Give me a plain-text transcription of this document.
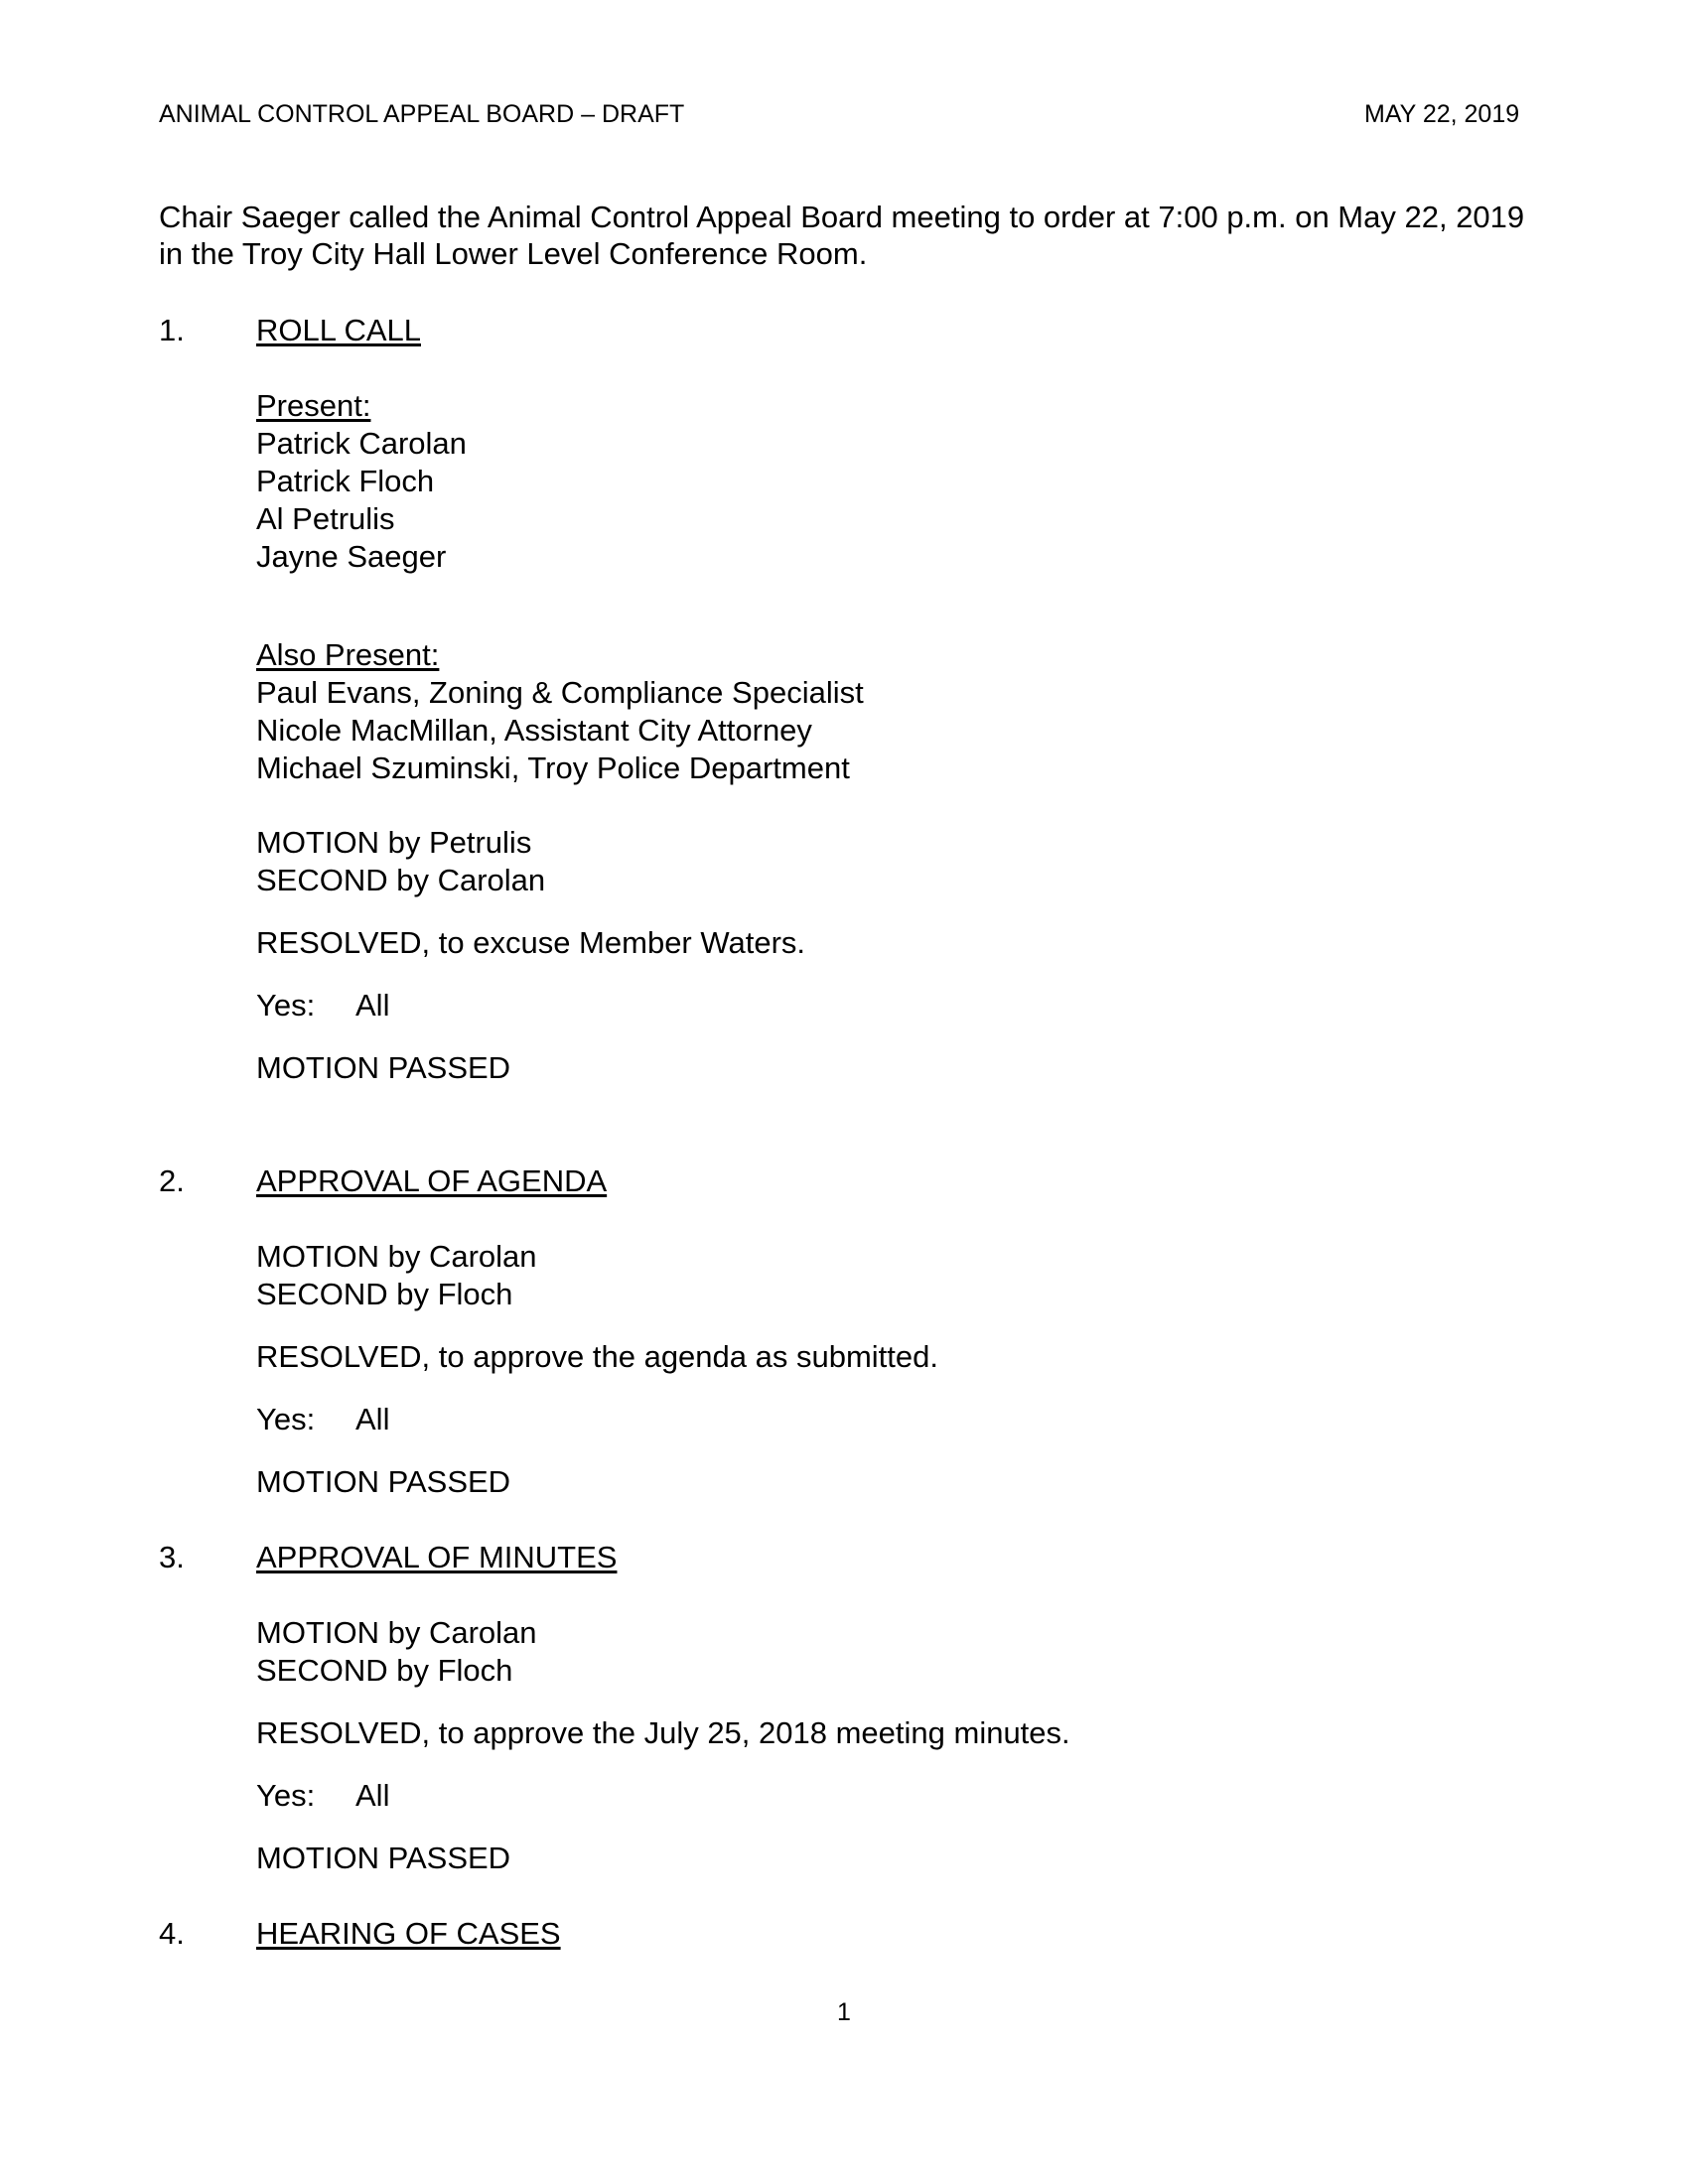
ANIMAL CONTROL APPEAL BOARD – DRAFT	MAY 22, 2019
Chair Saeger called the Animal Control Appeal Board meeting to order at 7:00 p.m. on May 22, 2019
in the Troy City Hall Lower Level Conference Room.
1. ROLL CALL
Present:
Patrick Carolan
Patrick Floch
Al Petrulis
Jayne Saeger
Also Present:
Paul Evans, Zoning & Compliance Specialist
Nicole MacMillan, Assistant City Attorney
Michael Szuminski, Troy Police Department
MOTION by Petrulis
SECOND by Carolan
RESOLVED, to excuse Member Waters.
Yes: All
MOTION PASSED
2. APPROVAL OF AGENDA
MOTION by Carolan
SECOND by Floch
RESOLVED, to approve the agenda as submitted.
Yes: All
MOTION PASSED
3. APPROVAL OF MINUTES
MOTION by Carolan
SECOND by Floch
RESOLVED, to approve the July 25, 2018 meeting minutes.
Yes: All
MOTION PASSED
4. HEARING OF CASES
1
